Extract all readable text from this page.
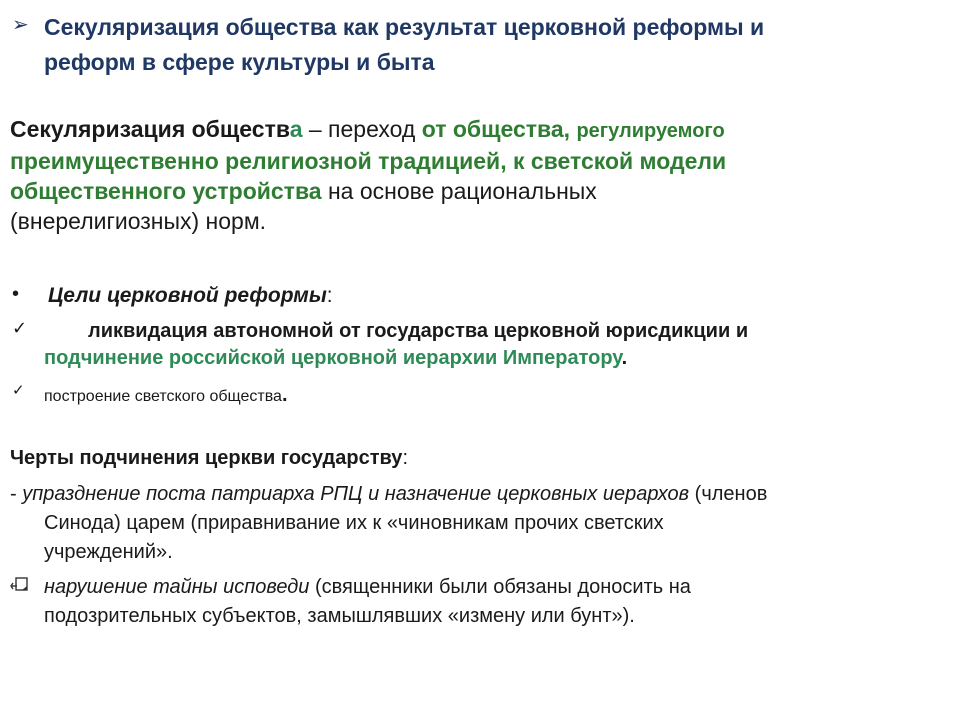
➢ Секуляризация общества как результат церковной реформы и
реформ в сфере культуры и быта
Секуляризация общества – переход от общества, регулируемого
преимущественно религиозной традицией, к светской модели
общественного устройства на основе рациональных
(внерелигиозных) норм.
• Цели церковной реформы:
✓	ликвидация автономной от государства церковной юрисдикции и
подчинение российской церковной иерархии Императору.
✓ построение светского общества.
Черты подчинения церкви государству:
- упразднение поста патриарха РПЦ и назначение церковных иерархов (членов
Синода) царем (приравнивание их к «чиновникам прочих светских
учреждений».
нарушение тайны исповеди (священники были обязаны доносить на
подозрительных субъектов, замышлявших «измену или бунт»).
